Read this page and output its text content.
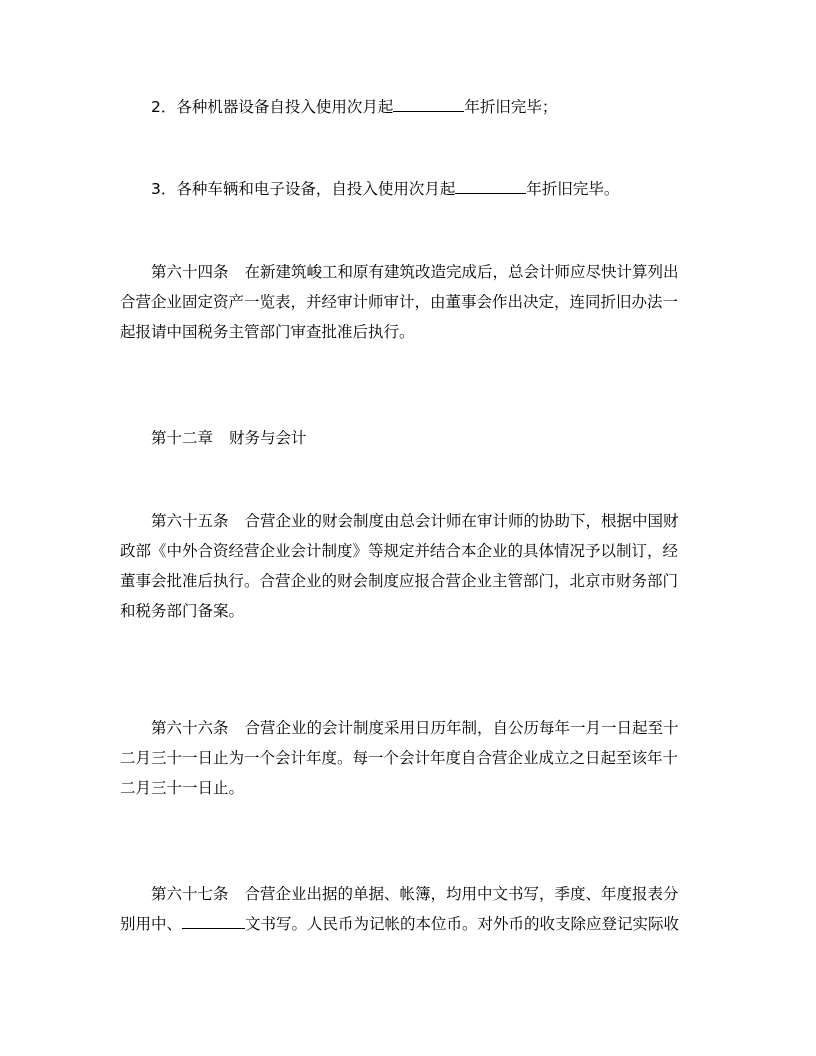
2．各种机器设备自投入使用次月起	年折旧完毕；

3．各种车辆和电子设备，自投入使用次月起	年折旧完毕。

第六十四条 在新建筑峻工和原有建筑改造完成后，总会计师应尽快计算列出
合营企业固定资产一览表，并经审计师审计，由董事会作出决定，连同折旧办法一
起报请中国税务主管部门审查批准后执行。

第十二章 财务与会计

第六十五条 合营企业的财会制度由总会计师在审计师的协助下，根据中国财
政部《中外合资经营企业会计制度》等规定并结合本企业的具体情况予以制订，经
董事会批准后执行。合营企业的财会制度应报合营企业主管部门，北京市财务部门
和税务部门备案。

第六十六条 合营企业的会计制度采用日历年制，自公历每年一月一日起至十
二月三十一日止为一个会计年度。每一个会计年度自合营企业成立之日起至该年十
二月三十一日止。

第六十七条 合营企业出据的单据、帐簿，均用中文书写，季度、年度报表分
别用中、	文书写。人民币为记帐的本位币。对外币的收支除应登记实际收
